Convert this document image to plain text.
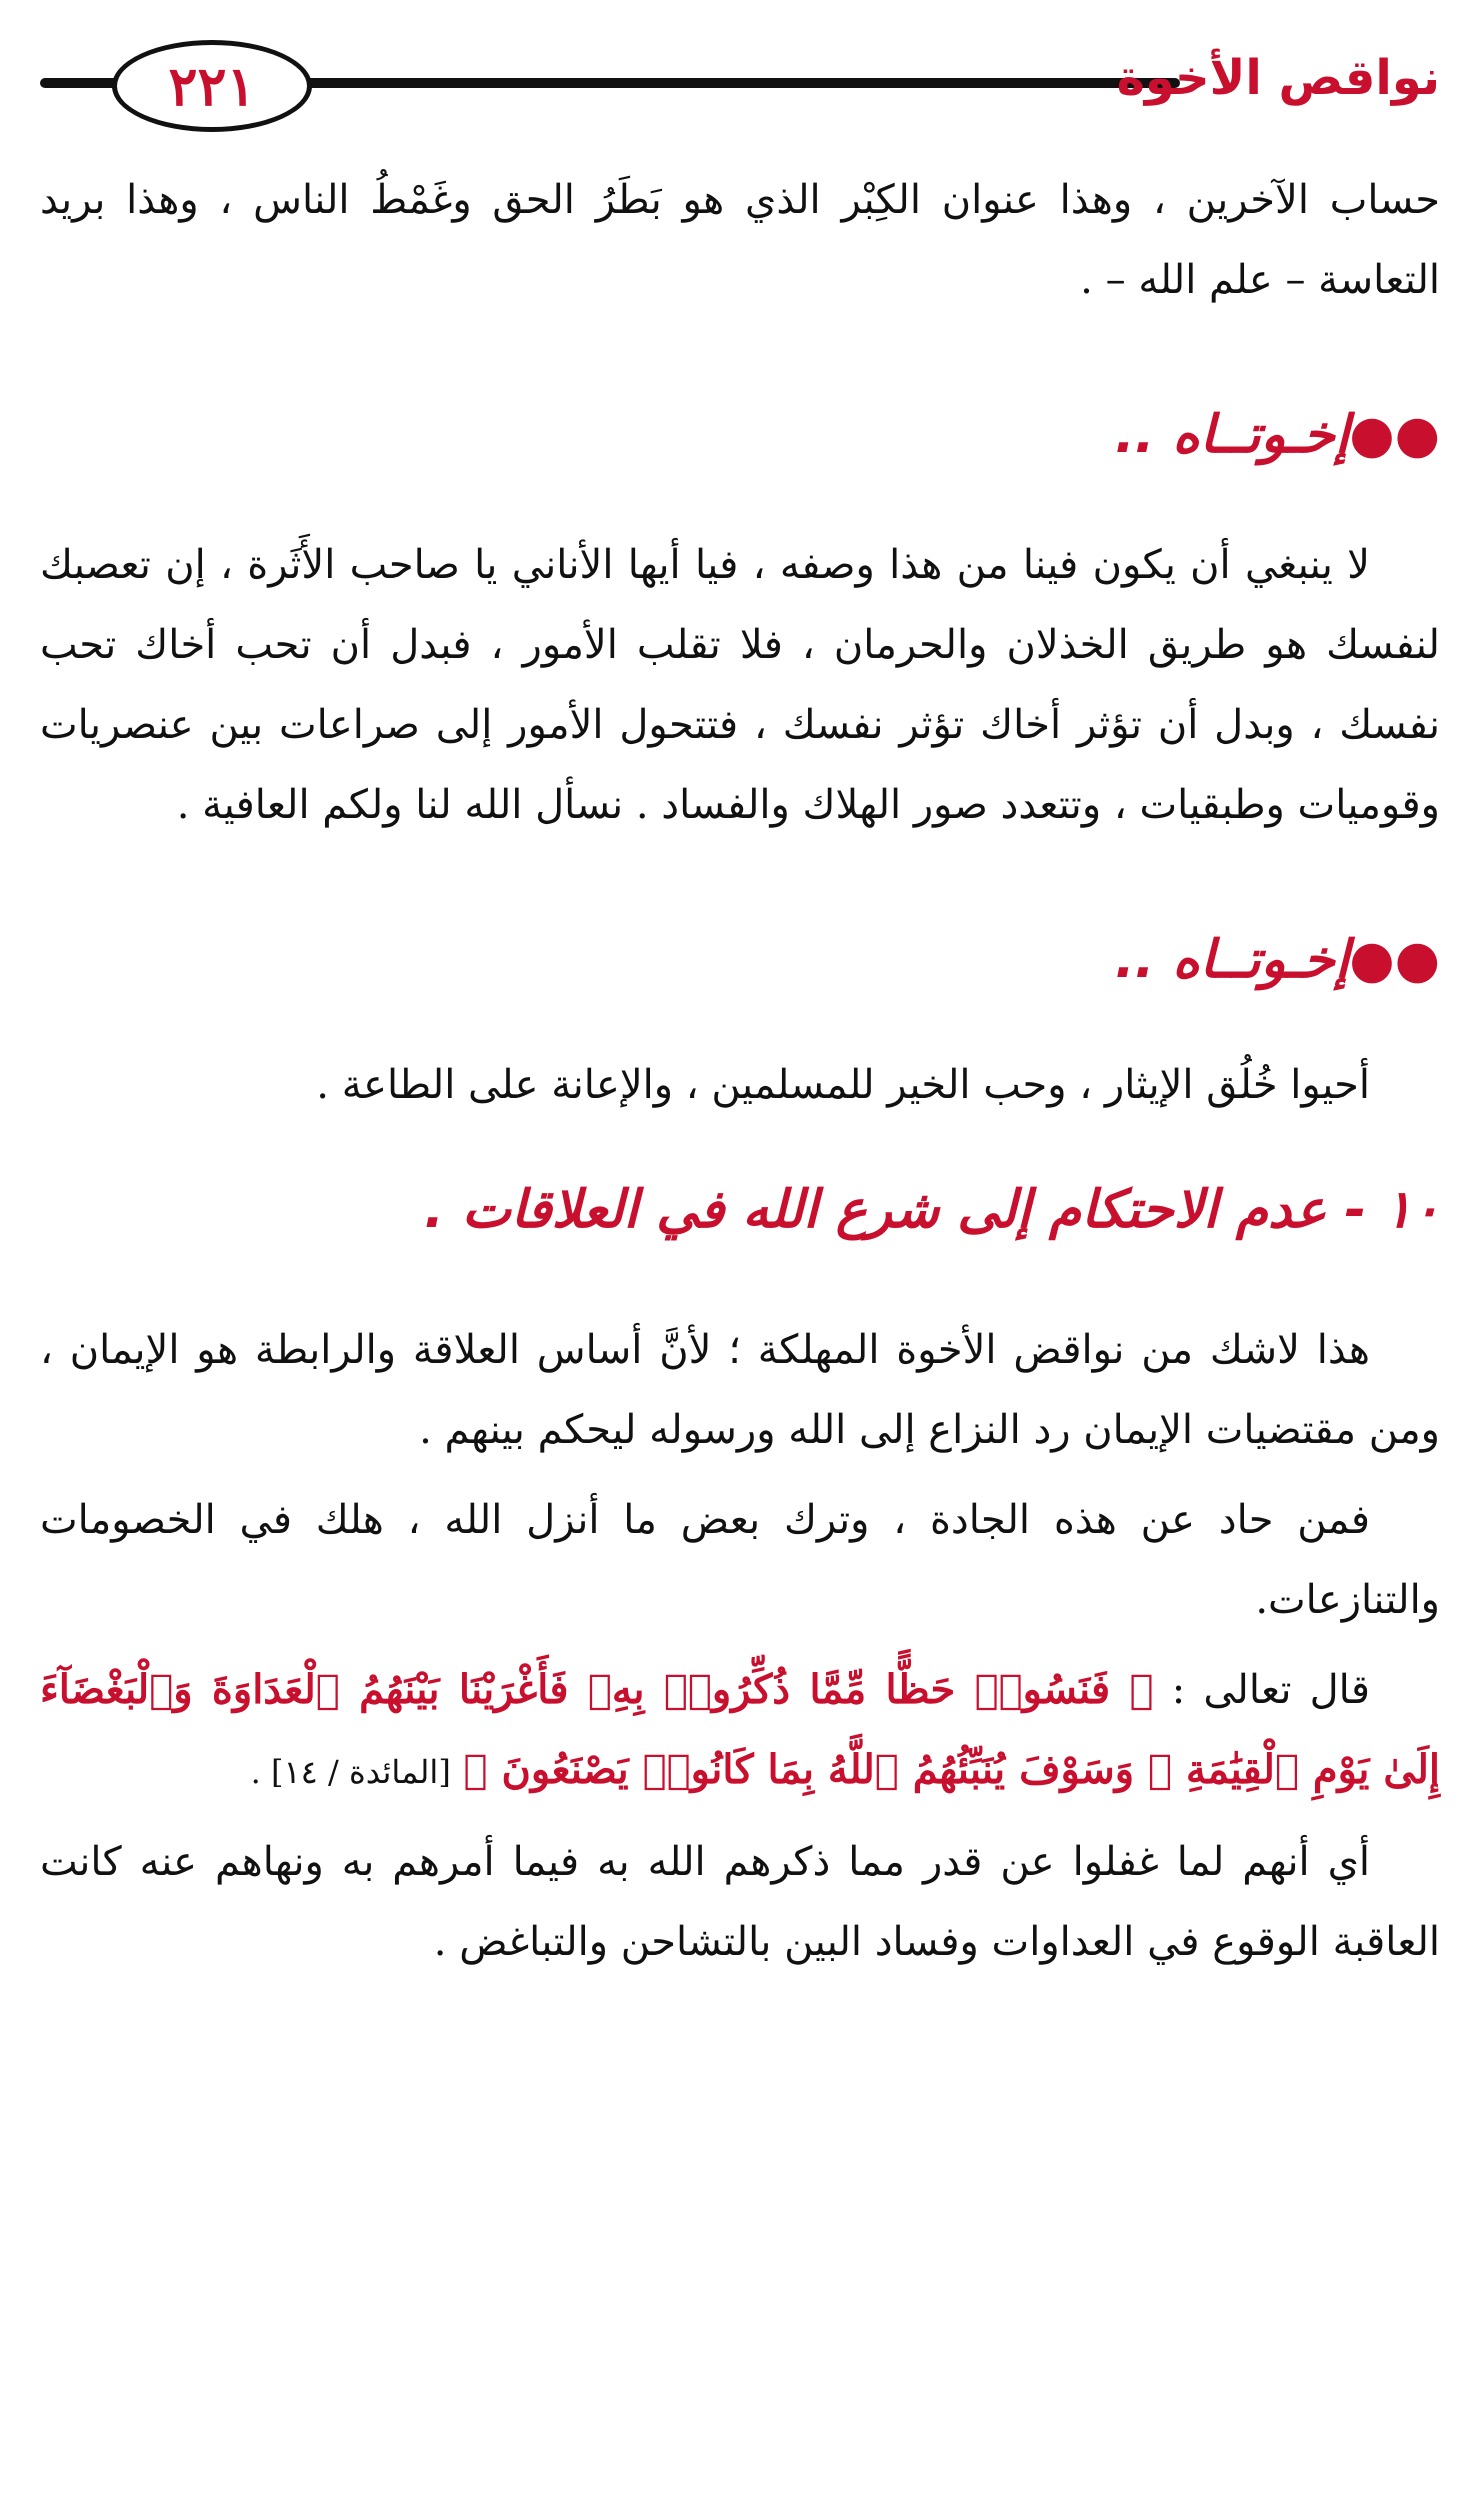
٢٢١	نواقص الأخوة

حساب الآخرين ، وهذا عنوان الكِبْر الذي هو بَطَرُ الحق وغَمْطُ الناس ، وهذا بريد التعاسة – علم الله – .

●●إخـوتــاه ..

لا ينبغي أن يكون فينا من هذا وصفه ، فيا أيها الأناني يا صاحب الأَثَرة ، إن تعصبك لنفسك هو طريق الخذلان والحرمان ، فلا تقلب الأمور ، فبدل أن تحب أخاك تحب نفسك ، وبدل أن تؤثر أخاك تؤثر نفسك ، فتتحول الأمور إلى صراعات بين عنصريات وقوميات وطبقيات ، وتتعدد صور الهلاك والفساد . نسأل الله لنا ولكم العافية .

●●إخـوتــاه ..

أحيوا خُلُق الإيثار ، وحب الخير للمسلمين ، والإعانة على الطاعة .

١٠ - عدم الاحتكام إلى شرع الله في العلاقات .

هذا لاشك من نواقض الأخوة المهلكة ؛ لأنَّ أساس العلاقة والرابطة هو الإيمان ، ومن مقتضيات الإيمان رد النزاع إلى الله ورسوله ليحكم بينهم .

فمن حاد عن هذه الجادة ، وترك بعض ما أنزل الله ، هلك في الخصومات والتنازعات.

قال تعالى : ﴿ فَنَسُوا۟ حَظًّا مِّمَّا ذُكِّرُوا۟ بِهِۦ فَأَغْرَيْنَا بَيْنَهُمُ ٱلْعَدَاوَةَ وَٱلْبَغْضَآءَ إِلَىٰ يَوْمِ ٱلْقِيَٰمَةِ ۚ وَسَوْفَ يُنَبِّئُهُمُ ٱللَّهُ بِمَا كَانُوا۟ يَصْنَعُونَ ﴾ [المائدة / ١٤] .

أي أنهم لما غفلوا عن قدر مما ذكرهم الله به فيما أمرهم به ونهاهم عنه كانت العاقبة الوقوع في العداوات وفساد البين بالتشاحن والتباغض .
